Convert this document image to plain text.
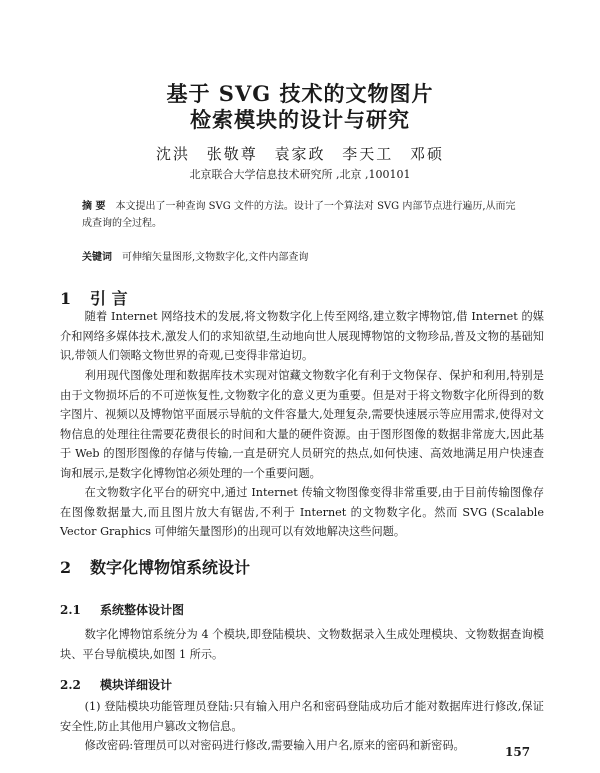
基于 SVG 技术的文物图片
检索模块的设计与研究
沈洪 张敬尊 袁家政 李天工 邓硕
北京联合大学信息技术研究所 ,北京 ,100101
摘 要 本文提出了一种查询 SVG 文件的方法。设计了一个算法对 SVG 内部节点进行遍历,从而完成查询的全过程。
关键词 可伸缩矢量图形,文物数字化,文件内部查询
1 引 言

随着 Internet 网络技术的发展,将文物数字化上传至网络,建立数字博物馆,借 Internet 的媒介和网络多媒体技术,激发人们的求知欲望,生动地向世人展现博物馆的文物珍品,普及文物的基础知识,带领人们领略文物世界的奇观,已变得非常迫切。

利用现代图像处理和数据库技术实现对馆藏文物数字化有利于文物保存、保护和利用,特别是由于文物损坏后的不可逆恢复性,文物数字化的意义更为重要。但是对于将文物数字化所得到的数字图片、视频以及博物馆平面展示导航的文件容量大,处理复杂,需要快速展示等应用需求,使得对文物信息的处理往往需要花费很长的时间和大量的硬件资源。由于图形图像的数据非常庞大,因此基于 Web 的图形图像的存储与传输,一直是研究人员研究的热点,如何快速、高效地满足用户快速查询和展示,是数字化博物馆必须处理的一个重要问题。

在文物数字化平台的研究中,通过 Internet 传输文物图像变得非常重要,由于目前传输图像存在图像数据量大,而且图片放大有锯齿,不利于 Internet 的文物数字化。然而 SVG (Scalable Vector Graphics 可伸缩矢量图形)的出现可以有效地解决这些问题。

2 数字化博物馆系统设计
2.1 系统整体设计图

数字化博物馆系统分为 4 个模块,即登陆模块、文物数据录入生成处理模块、文物数据查询模块、平台导航模块,如图 1 所示。

2.2 模块详细设计

(1) 登陆模块功能管理员登陆:只有输入用户名和密码登陆成功后才能对数据库进行修改,保证安全性,防止其他用户篡改文物信息。

修改密码:管理员可以对密码进行修改,需要输入用户名,原来的密码和新密码。	157
